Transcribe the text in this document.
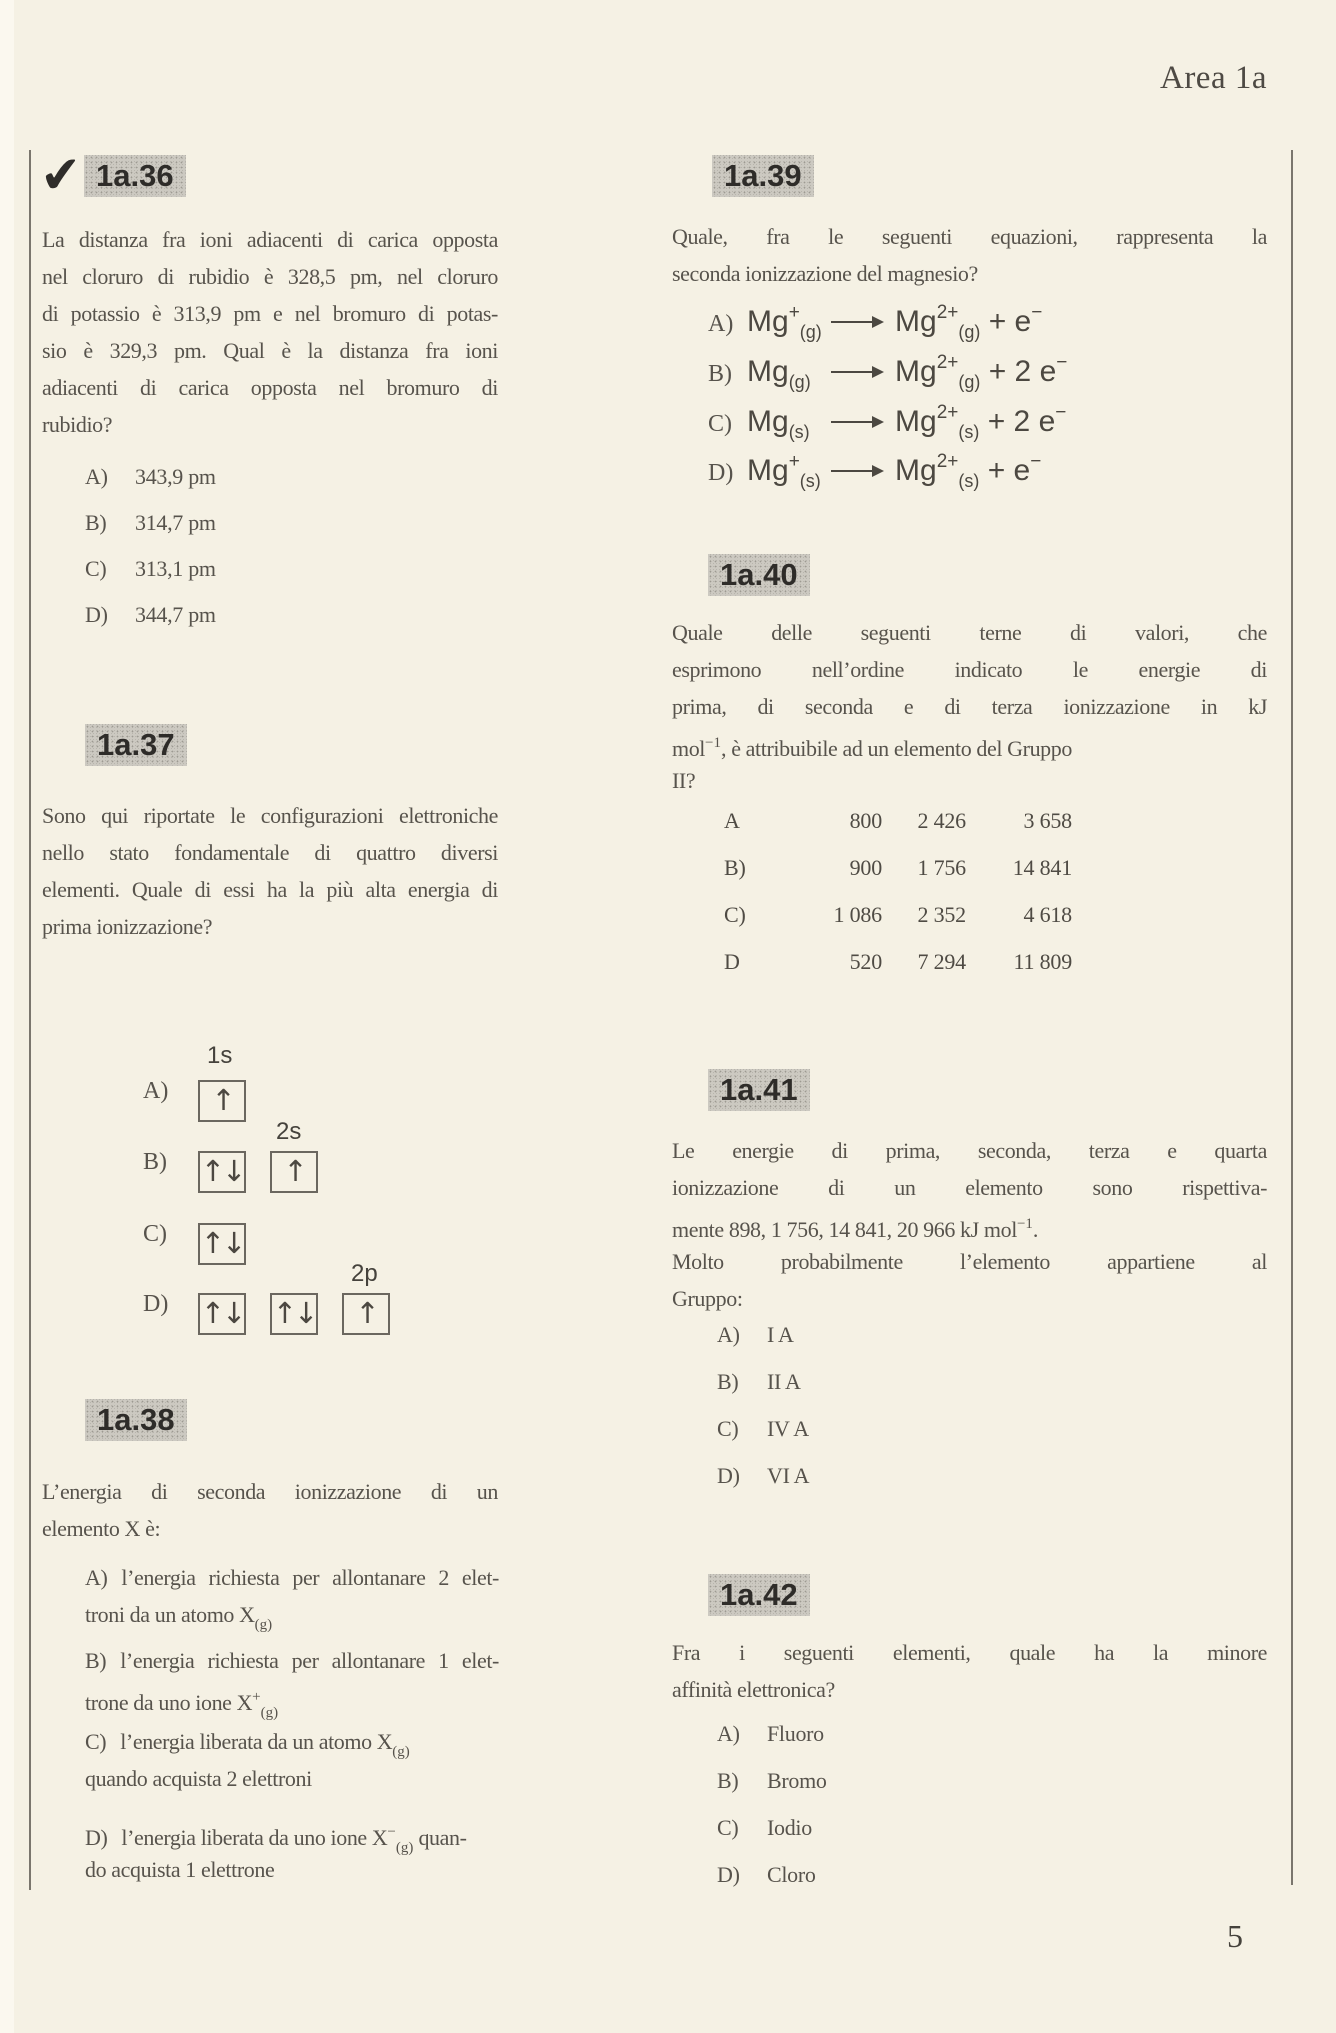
Area 1a
5
✔ 1a.36
La distanza fra ioni adiacenti di carica opposta
nel cloruro di rubidio è 328,5 pm, nel cloruro
di potassio è 313,9 pm e nel bromuro di potas-
sio è 329,3 pm. Qual è la distanza fra ioni
adiacenti di carica opposta nel bromuro di
rubidio?
A) 343,9 pm
B) 314,7 pm
C) 313,1 pm
D) 344,7 pm
1a.37
Sono qui riportate le configurazioni elettroniche
nello stato fondamentale di quattro diversi
elementi. Quale di essi ha la più alta energia di
prima ionizzazione?
1s
2s
2p
A) ↑
B) ↑↓ ↑
C) ↑↓
D) ↑↓ ↑↓ ↑
1a.38
L’energia di seconda ionizzazione di un
elemento X è:
A) l’energia richiesta per allontanare 2 elet-
troni da un atomo $X_{(g)}$
B) l’energia richiesta per allontanare 1 elet-
trone da uno ione $X^+_{(g)}$
C) l’energia liberata da un atomo $X_{(g)}$
quando acquista 2 elettroni
D) l’energia liberata da uno ione $X^-_{(g)}$ quan-
do acquista 1 elettrone
1a.39
Quale, fra le seguenti equazioni, rappresenta la
seconda ionizzazione del magnesio?
A) $Mg^+_{(g)}$ $Mg^{2+}_{(g)} + e^-$
B) $Mg_{(g)}$	$Mg^{2+}_{(g)} + 2$ e−
C) $Mg_{(s)}$	$Mg^{2+}_{(s)} + 2$ e−
D) $Mg^+_{(s)}$ $Mg^{2+}_{(s)} + e^-$
1a.40
Quale delle seguenti terne di valori, che
esprimono nell’ordine indicato le energie di
prima, di seconda e di terza ionizzazione in kJ
mol$^{-1}$, è attribuibile ad un elemento del Gruppo
II?
A	800	2 426	3 658
B)	900	1 756	14 841
C)	1 086	2 352	4 618
D	520	7 294	11 809
1a.41
Le energie di prima, seconda, terza e quarta
ionizzazione di un elemento sono rispettiva-
mente 898, 1 756, 14 841, 20 966 kJ mol$^{-1}$.
Molto probabilmente l’elemento appartiene al
Gruppo:
A) I A
B) II A
C) IV A
D) VI A
1a.42
Fra i seguenti elementi, quale ha la minore
affinità elettronica?
A) Fluoro
B) Bromo
C) Iodio
D) Cloro
